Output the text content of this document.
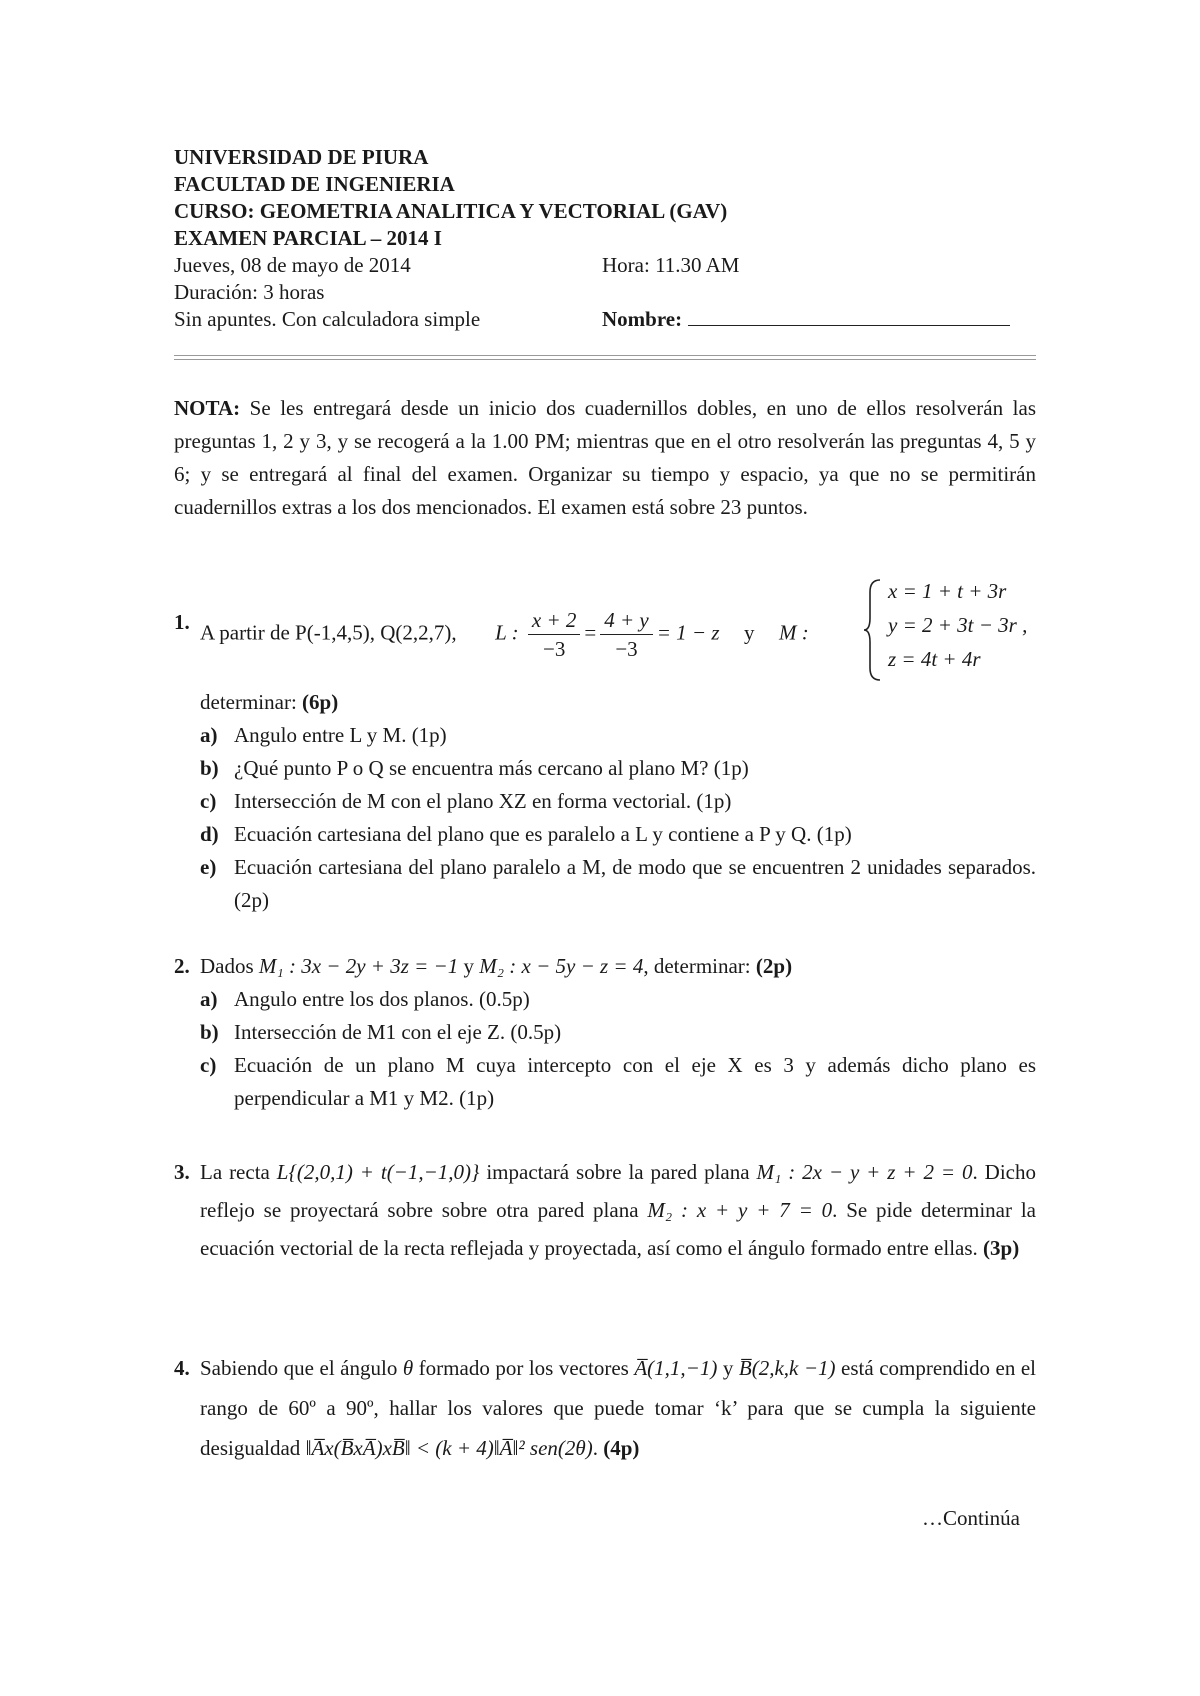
UNIVERSIDAD DE PIURA
FACULTAD DE INGENIERIA
CURSO: GEOMETRIA ANALITICA Y VECTORIAL (GAV)
EXAMEN PARCIAL – 2014 I
Jueves, 08 de mayo de 2014	Hora: 11.30 AM
Duración: 3 horas
Sin apuntes. Con calculadora simple	Nombre:
NOTA: Se les entregará desde un inicio dos cuadernillos dobles, en uno de ellos resolverán las preguntas 1, 2 y 3, y se recogerá a la 1.00 PM; mientras que en el otro resolverán las preguntas 4, 5 y 6; y se entregará al final del examen. Organizar su tiempo y espacio, ya que no se permitirán cuadernillos extras a los dos mencionados. El examen está sobre 23 puntos.
1. A partir de P(-1,4,5), Q(2,2,7), L : $\frac{x + 2}{-3} = \frac{4 + y}{-3} = 1 - z$ y M :
x = 1 + t + 3r
y = 2 + 3t − 3r ,
z = 4t + 4r
determinar: (6p)
a) Angulo entre L y M. (1p)
b) ¿Qué punto P o Q se encuentra más cercano al plano M? (1p)
c) Intersección de M con el plano XZ en forma vectorial. (1p)
d) Ecuación cartesiana del plano que es paralelo a L y contiene a P y Q. (1p)
e) Ecuación cartesiana del plano paralelo a M, de modo que se encuentren 2 unidades separados. (2p)
2. Dados M₁ : 3x − 2y + 3z = −1 y M₂ : x − 5y − z = 4, determinar: (2p)
a) Angulo entre los dos planos. (0.5p)
b) Intersección de M1 con el eje Z. (0.5p)
c) Ecuación de un plano M cuya intercepto con el eje X es 3 y además dicho plano es perpendicular a M1 y M2. (1p)
3. La recta L{(2,0,1) + t(−1,−1,0)} impactará sobre la pared plana M₁ : 2x − y + z + 2 = 0. Dicho reflejo se proyectará sobre sobre otra pared plana M₂ : x + y + 7 = 0. Se pide determinar la ecuación vectorial de la recta reflejada y proyectada, así como el ángulo formado entre ellas. (3p)
4. Sabiendo que el ángulo θ formado por los vectores A̅(1,1,−1) y B̅(2,k,k −1) está comprendido en el rango de 60º a 90º, hallar los valores que puede tomar ‘k’ para que se cumpla la siguiente desigualdad ‖A̅x(B̅xA̅)xB̅‖ < (k + 4)‖A̅‖² sen(2θ). (4p)
…Continúa
